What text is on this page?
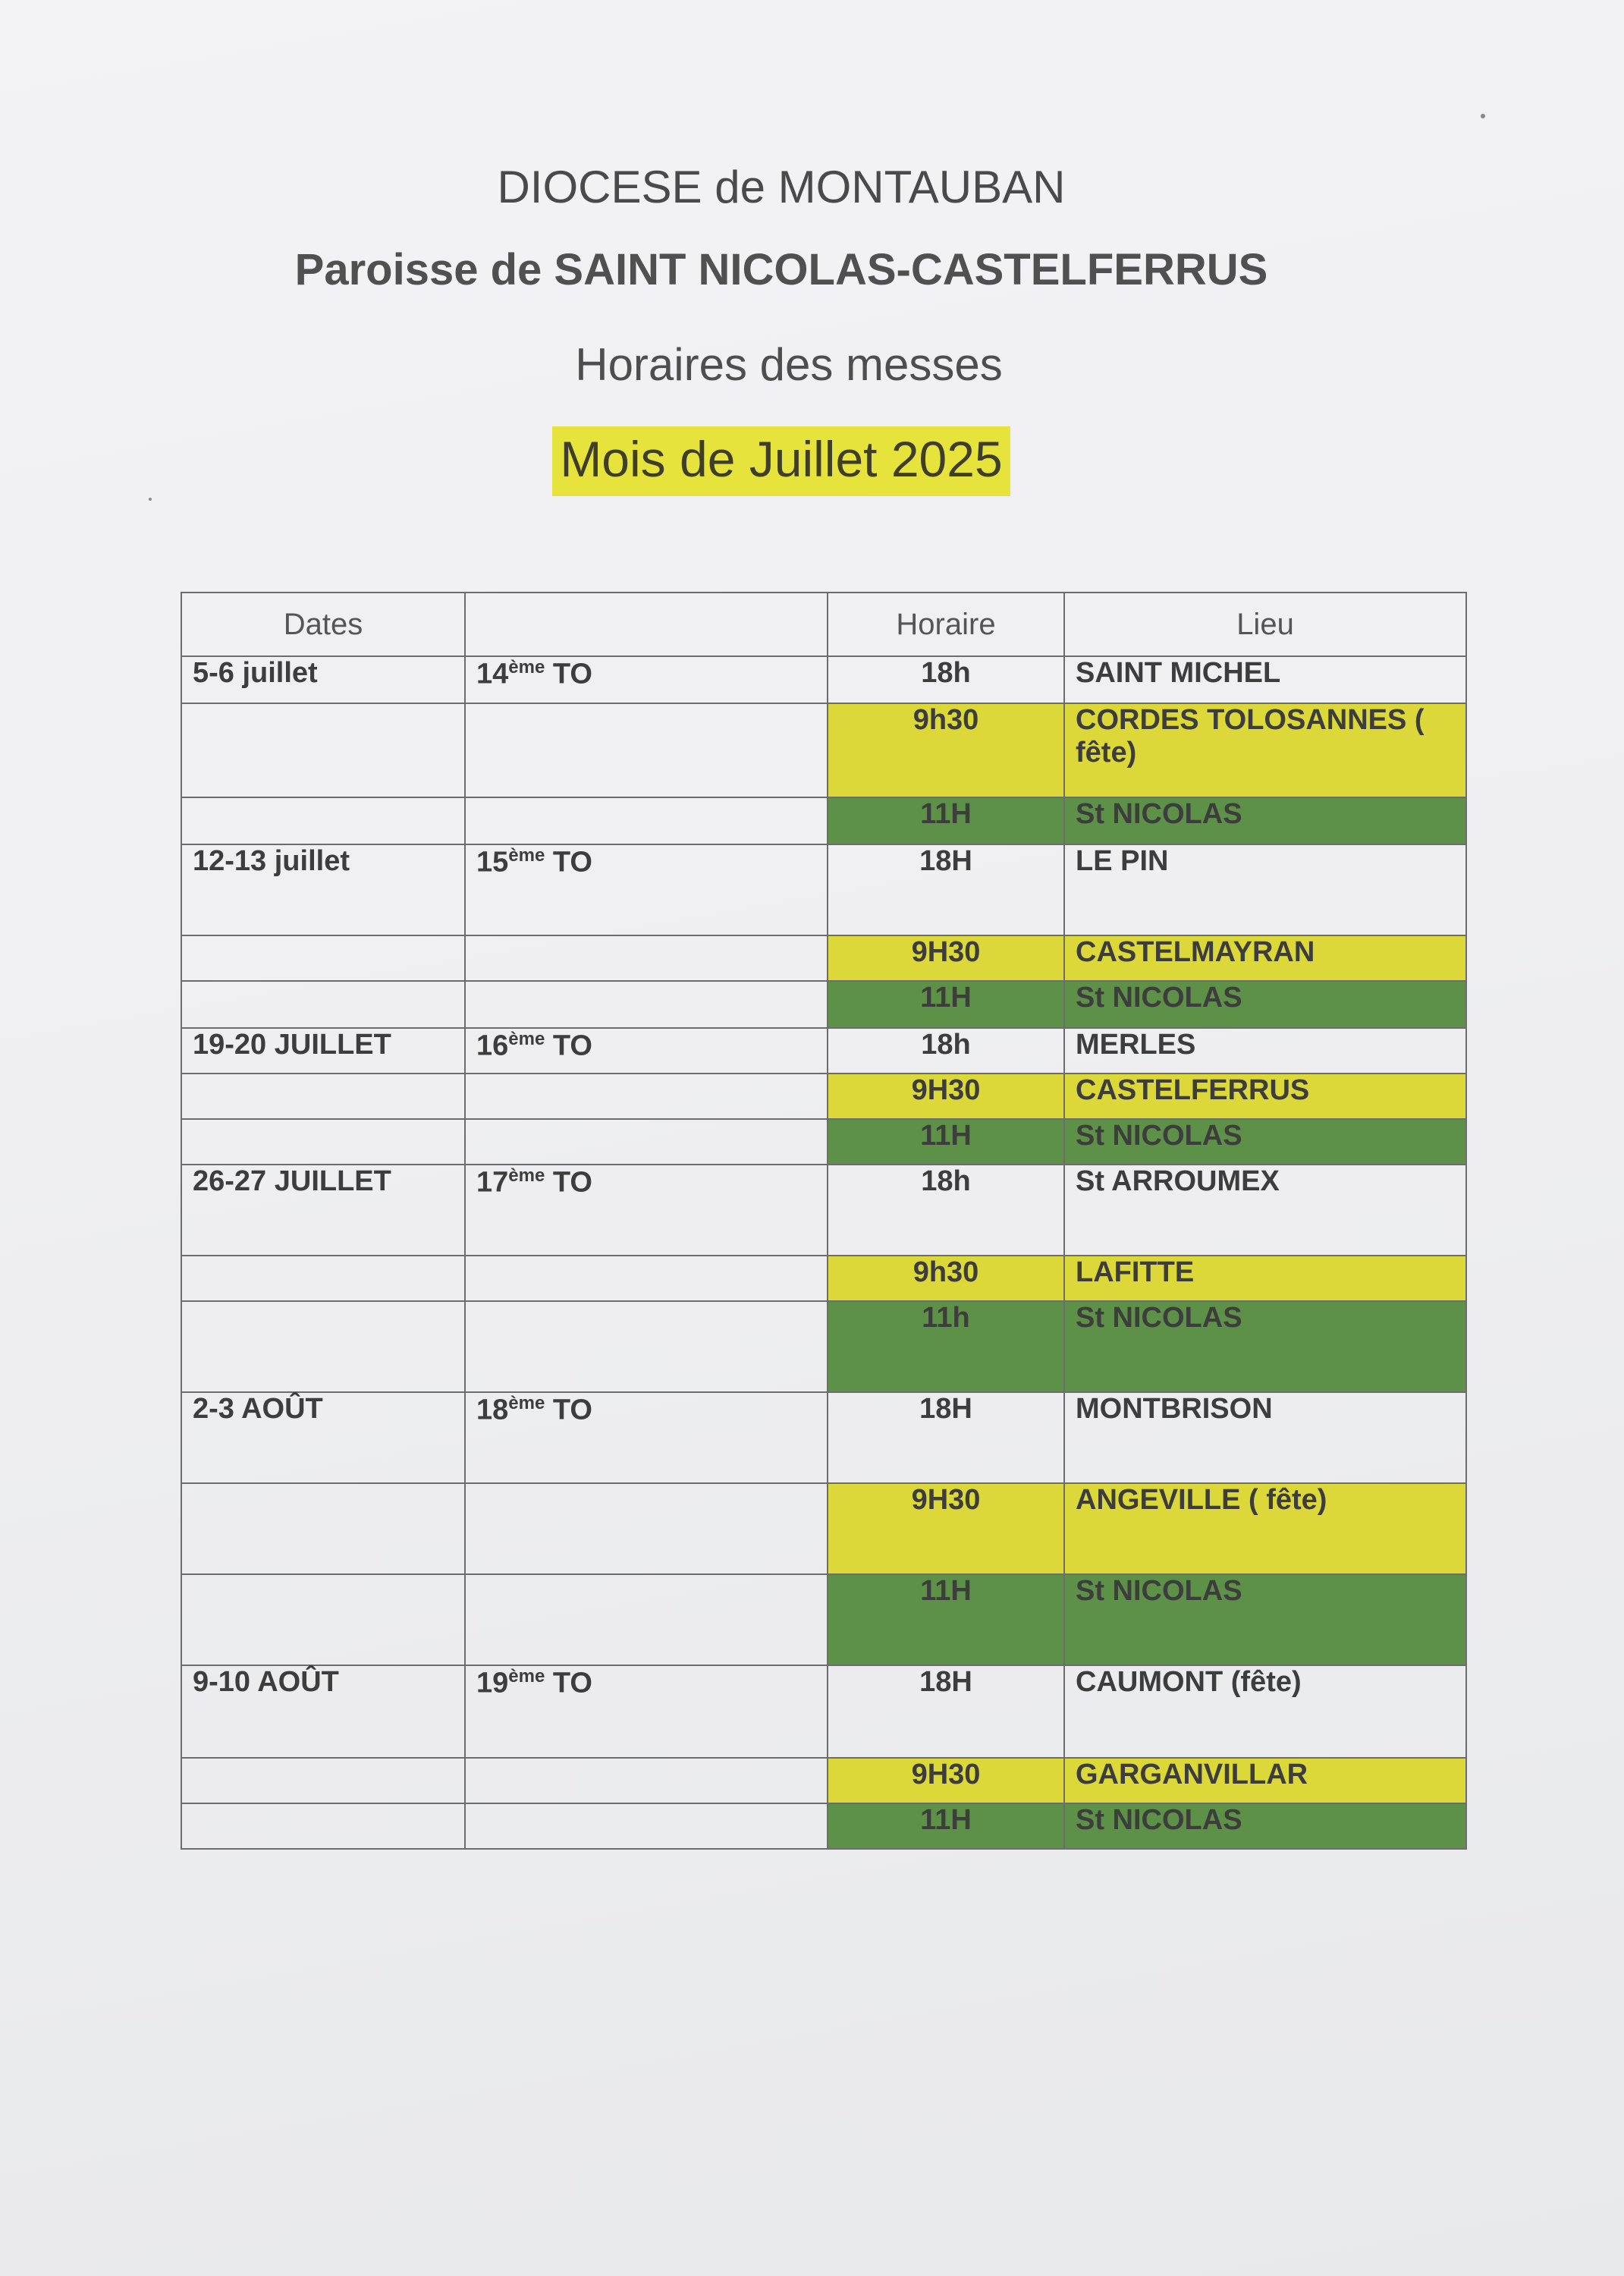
DIOCESE de MONTAUBAN
Paroisse de SAINT NICOLAS-CASTELFERRUS
Horaires des messes
Mois de Juillet 2025
Dates		Horaire	Lieu
5-6 juillet	14ème TO	18h	SAINT MICHEL
		9h30	CORDES TOLOSANNES ( fête)
		11H	St NICOLAS
12-13 juillet	15ème TO	18H	LE PIN
		9H30	CASTELMAYRAN
		11H	St NICOLAS
19-20 JUILLET	16ème TO	18h	MERLES
		9H30	CASTELFERRUS
		11H	St NICOLAS
26-27 JUILLET	17ème TO	18h	St ARROUMEX
		9h30	LAFITTE
		11h	St NICOLAS
2-3 AOÛT	18ème TO	18H	MONTBRISON
		9H30	ANGEVILLE ( fête)
		11H	St NICOLAS
9-10 AOÛT	19ème TO	18H	CAUMONT (fête)
		9H30	GARGANVILLAR
		11H	St NICOLAS
